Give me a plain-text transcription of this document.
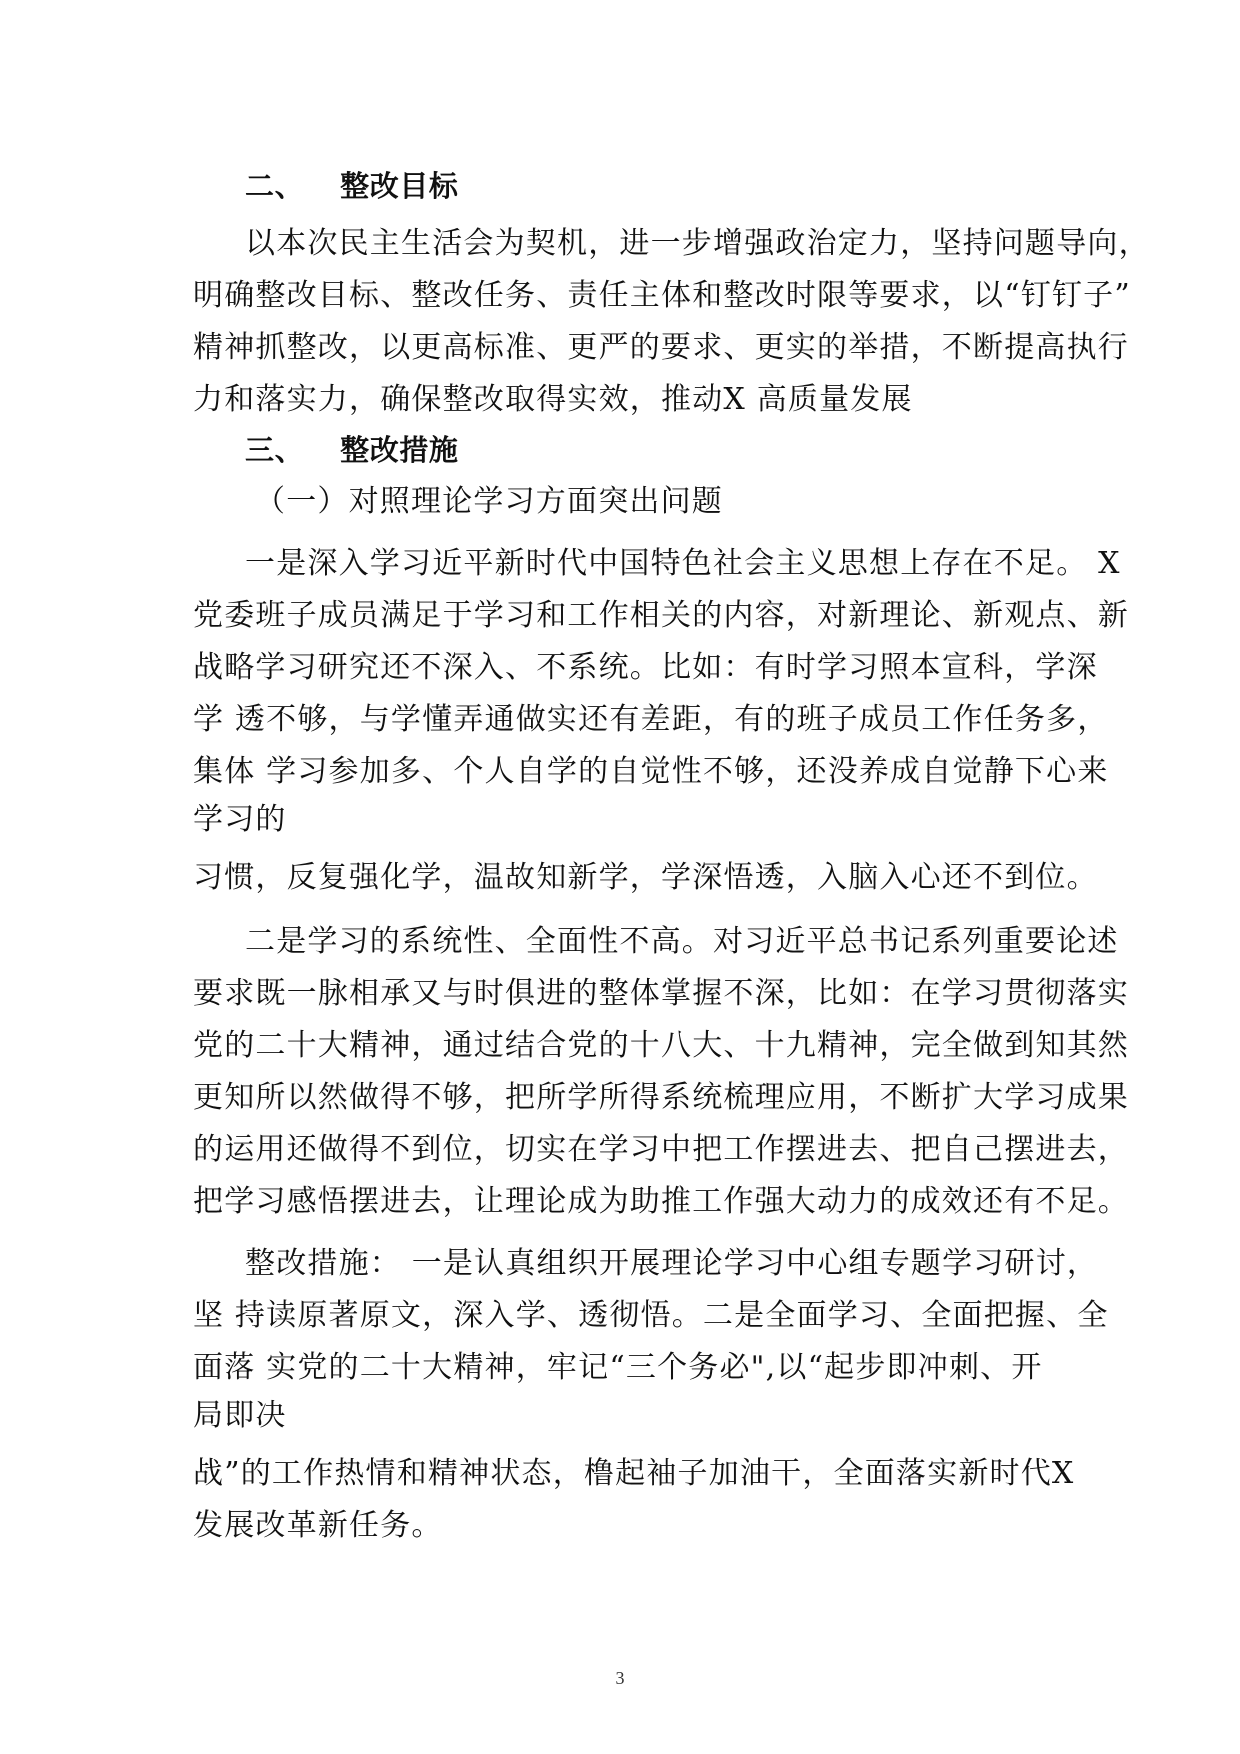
二、 整改目标

以本次民主生活会为契机，进一步增强政治定力，坚持问题导向，

明确整改目标、整改任务、责任主体和整改时限等要求，以“钉钉子”

精神抓整改，以更高标准、更严的要求、更实的举措，不断提高执行

力和落实力，确保整改取得实效，推动X 高质量发展

三、 整改措施

（一）对照理论学习方面突出问题

一是深入学习近平新时代中国特色社会主义思想上存在不足。 X

党委班子成员满足于学习和工作相关的内容，对新理论、新观点、新

战略学习研究还不深入、不系统。比如：有时学习照本宣科，学深

学 透不够，与学懂弄通做实还有差距，有的班子成员工作任务多，

集体 学习参加多、个人自学的自觉性不够，还没养成自觉静下心来

学习的

习惯，反复强化学，温故知新学，学深悟透，入脑入心还不到位。

二是学习的系统性、全面性不高。对习近平总书记系列重要论述

要求既一脉相承又与时俱进的整体掌握不深，比如：在学习贯彻落实

党的二十大精神，通过结合党的十八大、十九精神，完全做到知其然

更知所以然做得不够，把所学所得系统梳理应用，不断扩大学习成果

的运用还做得不到位，切实在学习中把工作摆进去、把自己摆进去，

把学习感悟摆进去，让理论成为助推工作强大动力的成效还有不足。

整改措施： 一是认真组织开展理论学习中心组专题学习研讨，

坚 持读原著原文，深入学、透彻悟。二是全面学习、全面把握、全

面落 实党的二十大精神，牢记“三个务必",以“起步即冲刺、开

局即决

战”的工作热情和精神状态，橹起袖子加油干，全面落实新时代X

发展改革新任务。

3
